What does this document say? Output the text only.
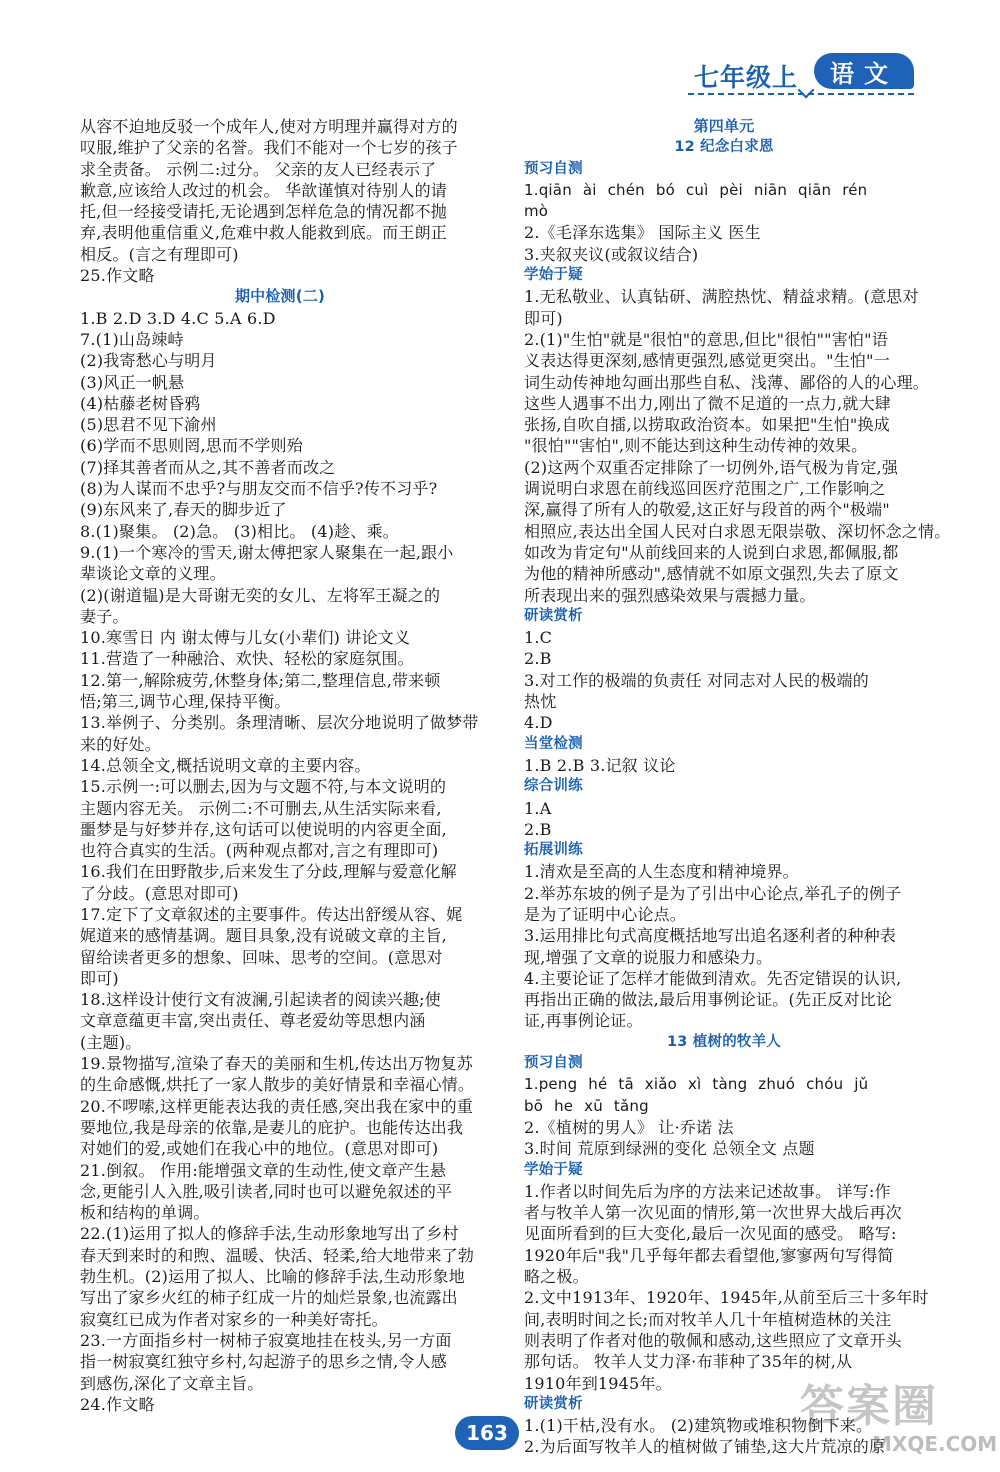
七年级上	语文
从容不迫地反驳一个成年人,使对方明理并赢得对方的
叹服,维护了父亲的名誉。我们不能对一个七岁的孩子
求全责备。 示例二:过分。 父亲的友人已经表示了
歉意,应该给人改过的机会。 华歆谨慎对待别人的请
托,但一经接受请托,无论遇到怎样危急的情况都不抛
弃,表明他重信重义,危难中救人能救到底。而王朗正
相反。(言之有理即可)
25.作文略
期中检测(二)
1.B 2.D 3.D 4.C 5.A 6.D
7.(1)山岛竦峙
(2)我寄愁心与明月
(3)风正一帆悬
(4)枯藤老树昏鸦
(5)思君不见下渝州
(6)学而不思则罔,思而不学则殆
(7)择其善者而从之,其不善者而改之
(8)为人谋而不忠乎?与朋友交而不信乎?传不习乎?
(9)东风来了,春天的脚步近了
8.(1)聚集。 (2)急。 (3)相比。 (4)趁、乘。
9.(1)一个寒冷的雪天,谢太傅把家人聚集在一起,跟小
辈谈论文章的义理。
(2)(谢道韫)是大哥谢无奕的女儿、左将军王凝之的
妻子。
10.寒雪日 内 谢太傅与儿女(小辈们) 讲论文义
11.营造了一种融洽、欢快、轻松的家庭氛围。
12.第一,解除疲劳,休整身体;第二,整理信息,带来顿
悟;第三,调节心理,保持平衡。
13.举例子、分类别。条理清晰、层次分地说明了做梦带
来的好处。
14.总领全文,概括说明文章的主要内容。
15.示例一:可以删去,因为与文题不符,与本文说明的
主题内容无关。 示例二:不可删去,从生活实际来看,
噩梦是与好梦并存,这句话可以使说明的内容更全面,
也符合真实的生活。(两种观点都对,言之有理即可)
16.我们在田野散步,后来发生了分歧,理解与爱意化解
了分歧。(意思对即可)
17.定下了文章叙述的主要事件。传达出舒缓从容、娓
娓道来的感情基调。题目具象,没有说破文章的主旨,
留给读者更多的想象、回味、思考的空间。(意思对
即可)
18.这样设计使行文有波澜,引起读者的阅读兴趣;使
文章意蕴更丰富,突出责任、尊老爱幼等思想内涵
(主题)。
19.景物描写,渲染了春天的美丽和生机,传达出万物复苏
的生命感慨,烘托了一家人散步的美好情景和幸福心情。
20.不啰嗦,这样更能表达我的责任感,突出我在家中的重
要地位,我是母亲的依靠,是妻儿的庇护。也能传达出我
对她们的爱,或她们在我心中的地位。(意思对即可)
21.倒叙。 作用:能增强文章的生动性,使文章产生悬
念,更能引人入胜,吸引读者,同时也可以避免叙述的平
板和结构的单调。
22.(1)运用了拟人的修辞手法,生动形象地写出了乡村
春天到来时的和煦、温暖、快活、轻柔,给大地带来了勃
勃生机。(2)运用了拟人、比喻的修辞手法,生动形象地
写出了家乡火红的柿子红成一片的灿烂景象,也流露出
寂寞红已成为作者对家乡的一种美好寄托。
23.一方面指乡村一树柿子寂寞地挂在枝头,另一方面
指一树寂寞红独守乡村,勾起游子的思乡之情,令人感
到感伤,深化了文章主旨。
24.作文略
第四单元
12 纪念白求恩
预习自测
1.qiān ài chén bó cuì pèi niān qiān rén
mò
2.《毛泽东选集》 国际主义 医生
3.夹叙夹议(或叙议结合)
学始于疑
1.无私敬业、认真钻研、满腔热忱、精益求精。(意思对
即可)
2.(1)"生怕"就是"很怕"的意思,但比"很怕""害怕"语
义表达得更深刻,感情更强烈,感觉更突出。"生怕"一
词生动传神地勾画出那些自私、浅薄、鄙俗的人的心理。
这些人遇事不出力,刚出了微不足道的一点力,就大肆
张扬,自吹自擂,以捞取政治资本。如果把"生怕"换成
"很怕""害怕",则不能达到这种生动传神的效果。
(2)这两个双重否定排除了一切例外,语气极为肯定,强
调说明白求恩在前线巡回医疗范围之广,工作影响之
深,赢得了所有人的敬爱,这正好与段首的两个"极端"
相照应,表达出全国人民对白求恩无限崇敬、深切怀念之情。
如改为肯定句"从前线回来的人说到白求恩,都佩服,都
为他的精神所感动",感情就不如原文强烈,失去了原文
所表现出来的强烈感染效果与震撼力量。
研读赏析
1.C
2.B
3.对工作的极端的负责任 对同志对人民的极端的
热忱
4.D
当堂检测
1.B 2.B 3.记叙 议论
综合训练
1.A
2.B
拓展训练
1.清欢是至高的人生态度和精神境界。
2.举苏东坡的例子是为了引出中心论点,举孔子的例子
是为了证明中心论点。
3.运用排比句式高度概括地写出追名逐利者的种种表
现,增强了文章的说服力和感染力。
4.主要论证了怎样才能做到清欢。先否定错误的认识,
再指出正确的做法,最后用事例论证。(先正反对比论
证,再事例论证。
13 植树的牧羊人
预习自测
1.peng hé tā xiǎo xì tàng zhuó chóu jǔ
bō he xū tǎng
2.《植树的男人》 让·乔诺 法
3.时间 荒原到绿洲的变化 总领全文 点题
学始于疑
1.作者以时间先后为序的方法来记述故事。 详写:作
者与牧羊人第一次见面的情形,第一次世界大战后再次
见面所看到的巨大变化,最后一次见面的感受。 略写:
1920年后"我"几乎每年都去看望他,寥寥两句写得简
略之极。
2.文中1913年、1920年、1945年,从前至后三十多年时
间,表明时间之长;而对牧羊人几十年植树造林的关注
则表明了作者对他的敬佩和感动,这些照应了文章开头
那句话。 牧羊人艾力泽·布菲种了35年的树,从
1910年到1945年。
研读赏析
1.(1)干枯,没有水。 (2)建筑物或堆积物倒下来。
2.为后面写牧羊人的植树做了铺垫,这大片荒凉的原
163
答案圈
MXQE.COM
